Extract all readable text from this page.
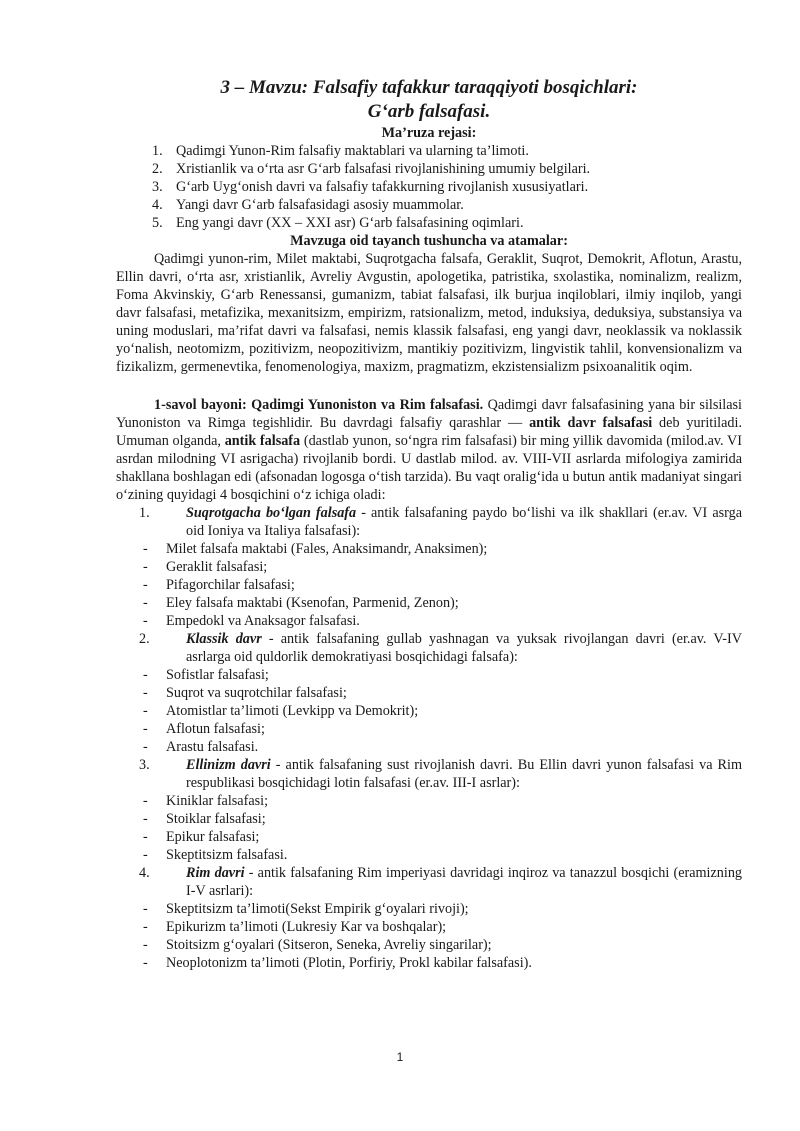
3 – Mavzu: Falsafiy tafakkur taraqqiyoti bosqichlari:
G‘arb falsafasi.
Ma’ruza rejasi:
1. Qadimgi Yunon-Rim falsafiy maktablari va ularning ta’limoti.
2. Xristianlik va o‘rta asr G‘arb falsafasi rivojlanishining umumiy belgilari.
3. G‘arb Uyg‘onish davri va falsafiy tafakkurning rivojlanish xususiyatlari.
4. Yangi davr G‘arb falsafasidagi asosiy muammolar.
5. Eng yangi davr (XX – XXI asr) G‘arb falsafasining oqimlari.
Mavzuga oid tayanch tushuncha va atamalar:
Qadimgi yunon-rim, Milet maktabi, Suqrotgacha falsafa, Geraklit, Suqrot, Demokrit, Aflotun, Arastu, Ellin davri, o‘rta asr, xristianlik, Avreliy Avgustin, apologetika, patristika, sxolastika, nominalizm, realizm, Foma Akvinskiy, G‘arb Renessansi, gumanizm, tabiat falsafasi, ilk burjua inqiloblari, ilmiy inqilob, yangi davr falsafasi, metafizika, mexanitsizm, empirizm, ratsionalizm, metod, induksiya, deduksiya, substansiya va uning moduslari, ma’rifat davri va falsafasi, nemis klassik falsafasi, eng yangi davr, neoklassik va noklassik yo‘nalish, neotomizm, pozitivizm, neopozitivizm, mantikiy pozitivizm, lingvistik tahlil, konvensionalizm va fizikalizm, germenevtika, fenomenologiya, maxizm, pragmatizm, ekzistensializm psixoanalitik oqim.
1-savol bayoni: Qadimgi Yunoniston va Rim falsafasi. Qadimgi davr falsafasining yana bir silsilasi Yunoniston va Rimga tegishlidir. Bu davrdagi falsafiy qarashlar — antik davr falsafasi deb yuritiladi. Umuman olganda, antik falsafa (dastlab yunon, so‘ngra rim falsafasi) bir ming yillik davomida (milod.av. VI asrdan milodning VI asrigacha) rivojlanib bordi. U dastlab milod. av. VIII-VII asrlarda mifologiya zamirida shakllana boshlagan edi (afsonadan logosga o‘tish tarzida). Bu vaqt oralig‘ida u butun antik madaniyat singari o‘zining quyidagi 4 bosqichini o‘z ichiga oladi:
1.	Suqrotgacha bo‘lgan falsafa - antik falsafaning paydo bo‘lishi va ilk shakllari (er.av. VI asrga oid Ioniya va Italiya falsafasi):
- Milet falsafa maktabi (Fales, Anaksimandr, Anaksimen);
- Geraklit falsafasi;
- Pifagorchilar falsafasi;
- Eley falsafa maktabi (Ksenofan, Parmenid, Zenon);
- Empedokl va Anaksagor falsafasi.
2.	Klassik davr - antik falsafaning gullab yashnagan va yuksak rivojlangan davri (er.av. V-IV asrlarga oid quldorlik demokratiyasi bosqichidagi falsafa):
- Sofistlar falsafasi;
- Suqrot va suqrotchilar falsafasi;
- Atomistlar ta’limoti (Levkipp va Demokrit);
- Aflotun falsafasi;
- Arastu falsafasi.
3.	Ellinizm davri - antik falsafaning sust rivojlanish davri. Bu Ellin davri yunon falsafasi va Rim respublikasi bosqichidagi lotin falsafasi (er.av. III-I asrlar):
- Kiniklar falsafasi;
- Stoiklar falsafasi;
- Epikur falsafasi;
- Skeptitsizm falsafasi.
4.	Rim davri - antik falsafaning Rim imperiyasi davridagi inqiroz va tanazzul bosqichi (eramizning I-V asrlari):
- Skeptitsizm ta’limoti(Sekst Empirik g‘oyalari rivoji);
- Epikurizm ta’limoti (Lukresiy Kar va boshqalar);
- Stoitsizm g‘oyalari (Sitseron, Seneka, Avreliy singarilar);
- Neoplotonizm ta’limoti (Plotin, Porfiriy, Prokl kabilar falsafasi).
1
